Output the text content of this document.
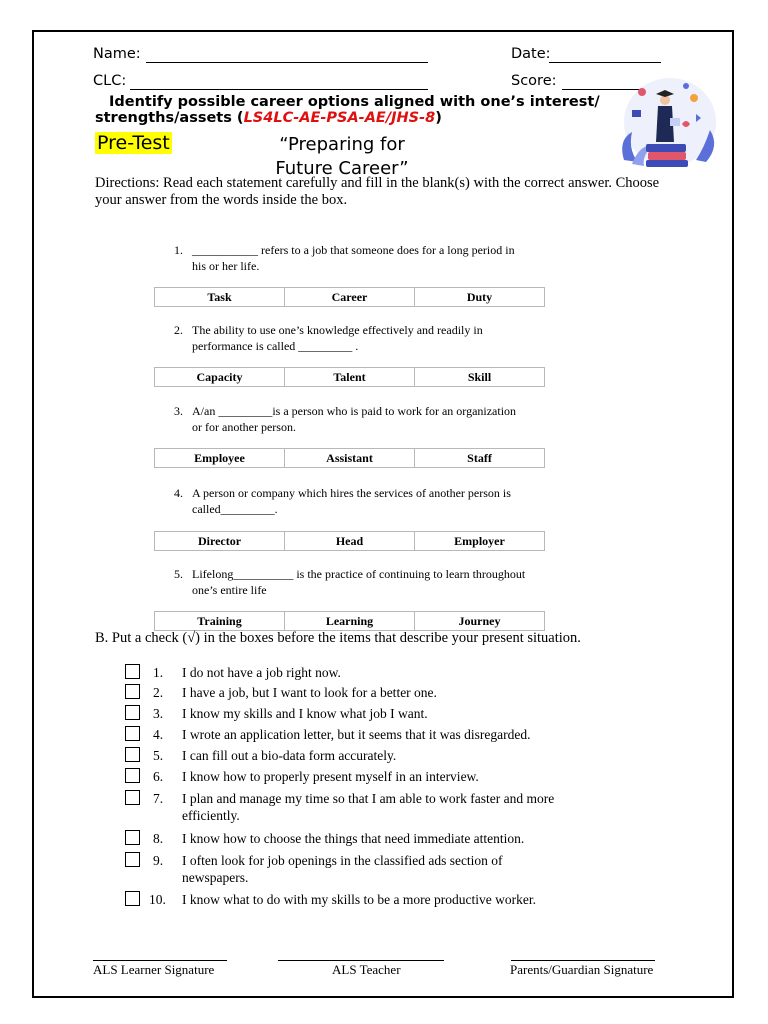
Name:	Date:
CLC:	Score:
Identify possible career options aligned with one’s interest/ strengths/assets (LS4LC-AE-PSA-AE/JHS-8)
Pre-Test	“Preparing for
Future Career”
Directions: Read each statement carefully and fill in the blank(s) with the correct answer. Choose your answer from the words inside the box.
1. ___________ refers to a job that someone does for a long period in
his or her life.
Task	Career	Duty
2. The ability to use one’s knowledge effectively and readily in
performance is called _________ .
Capacity	Talent	Skill
3. A/an _________is a person who is paid to work for an organization
or for another person.
Employee	Assistant	Staff
4. A person or company which hires the services of another person is
called_________.
Director	Head	Employer
5. Lifelong__________ is the practice of continuing to learn throughout
one’s entire life
Training	Learning	Journey
B. Put a check (√) in the boxes before the items that describe your present situation.
1. I do not have a job right now.
2. I have a job, but I want to look for a better one.
3. I know my skills and I know what job I want.
4. I wrote an application letter, but it seems that it was disregarded.
5. I can fill out a bio-data form accurately.
6. I know how to properly present myself in an interview.
7. I plan and manage my time so that I am able to work faster and more efficiently.
8. I know how to choose the things that need immediate attention.
9. I often look for job openings in the classified ads section of newspapers.
10. I know what to do with my skills to be a more productive worker.
ALS Learner Signature	ALS Teacher	Parents/Guardian Signature
